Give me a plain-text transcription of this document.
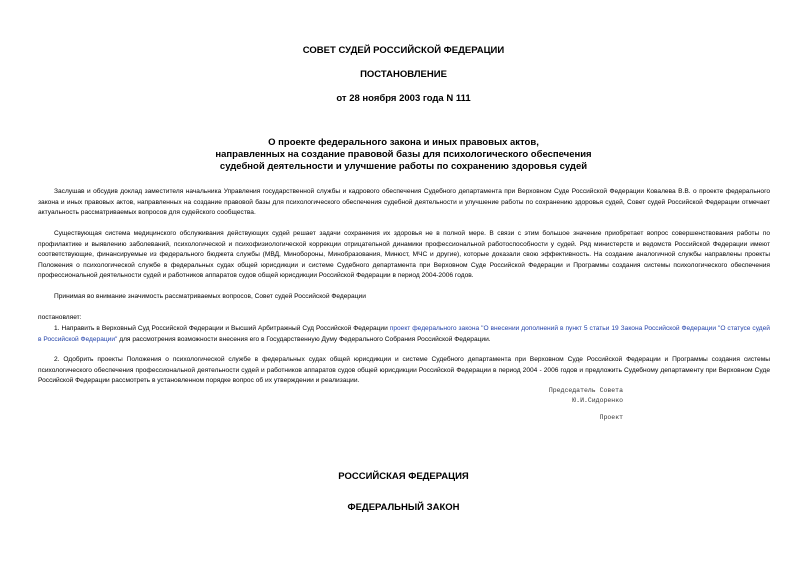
СОВЕТ СУДЕЙ РОССИЙСКОЙ ФЕДЕРАЦИИ
ПОСТАНОВЛЕНИЕ
от 28 ноября 2003 года N 111
О проекте федерального закона и иных правовых актов,
направленных на создание правовой базы для психологического обеспечения
судебной деятельности и улучшение работы по сохранению здоровья судей
Заслушав и обсудив доклад заместителя начальника Управления государственной службы и кадрового обеспечения Судебного департамента при Верховном Суде Российской Федерации Ковалева В.В. о проекте федерального закона и иных правовых актов, направленных на создание правовой базы для психологического обеспечения судебной деятельности и улучшение работы по сохранению здоровья судей, Совет судей Российской Федерации отмечает актуальность рассматриваемых вопросов для судейского сообщества.
Существующая система медицинского обслуживания действующих судей решает задачи сохранения их здоровья не в полной мере. В связи с этим большое значение приобретает вопрос совершенствования работы по профилактике и выявлению заболеваний, психологической и психофизиологической коррекции отрицательной динамики профессиональной работоспособности у судей. Ряд министерств и ведомств Российской Федерации имеют соответствующие, финансируемые из федерального бюджета службы (МВД, Минобороны, Минобразования, Минюст, МЧС и другие), которые доказали свою эффективность. На создание аналогичной службы направлены проекты Положения о психологической службе в федеральных судах общей юрисдикции и системе Судебного департамента при Верховном Суде Российской Федерации и Программы создания системы психологического обеспечения профессиональной деятельности судей и работников аппаратов судов общей юрисдикции Российской Федерации в период 2004-2006 годов.
Принимая во внимание значимость рассматриваемых вопросов, Совет судей Российской Федерации
постановляет:
1. Направить в Верховный Суд Российской Федерации и Высший Арбитражный Суд Российской Федерации проект федерального закона "О внесении дополнений в пункт 5 статьи 19 Закона Российской Федерации "О статусе судей в Российской Федерации" для рассмотрения возможности внесения его в Государственную Думу Федерального Собрания Российской Федерации.
2. Одобрить проекты Положения о психологической службе в федеральных судах общей юрисдикции и системе Судебного департамента при Верховном Суде Российской Федерации и Программы создания системы психологического обеспечения профессиональной деятельности судей и работников аппаратов судов общей юрисдикции Российской Федерации в период 2004 - 2006 годов и предложить Судебному департаменту при Верховном Суде Российской Федерации рассмотреть в установленном порядке вопрос об их утверждении и реализации.
Председатель Совета
Ю.И.Сидоренко
Проект
РОССИЙСКАЯ ФЕДЕРАЦИЯ
ФЕДЕРАЛЬНЫЙ ЗАКОН
